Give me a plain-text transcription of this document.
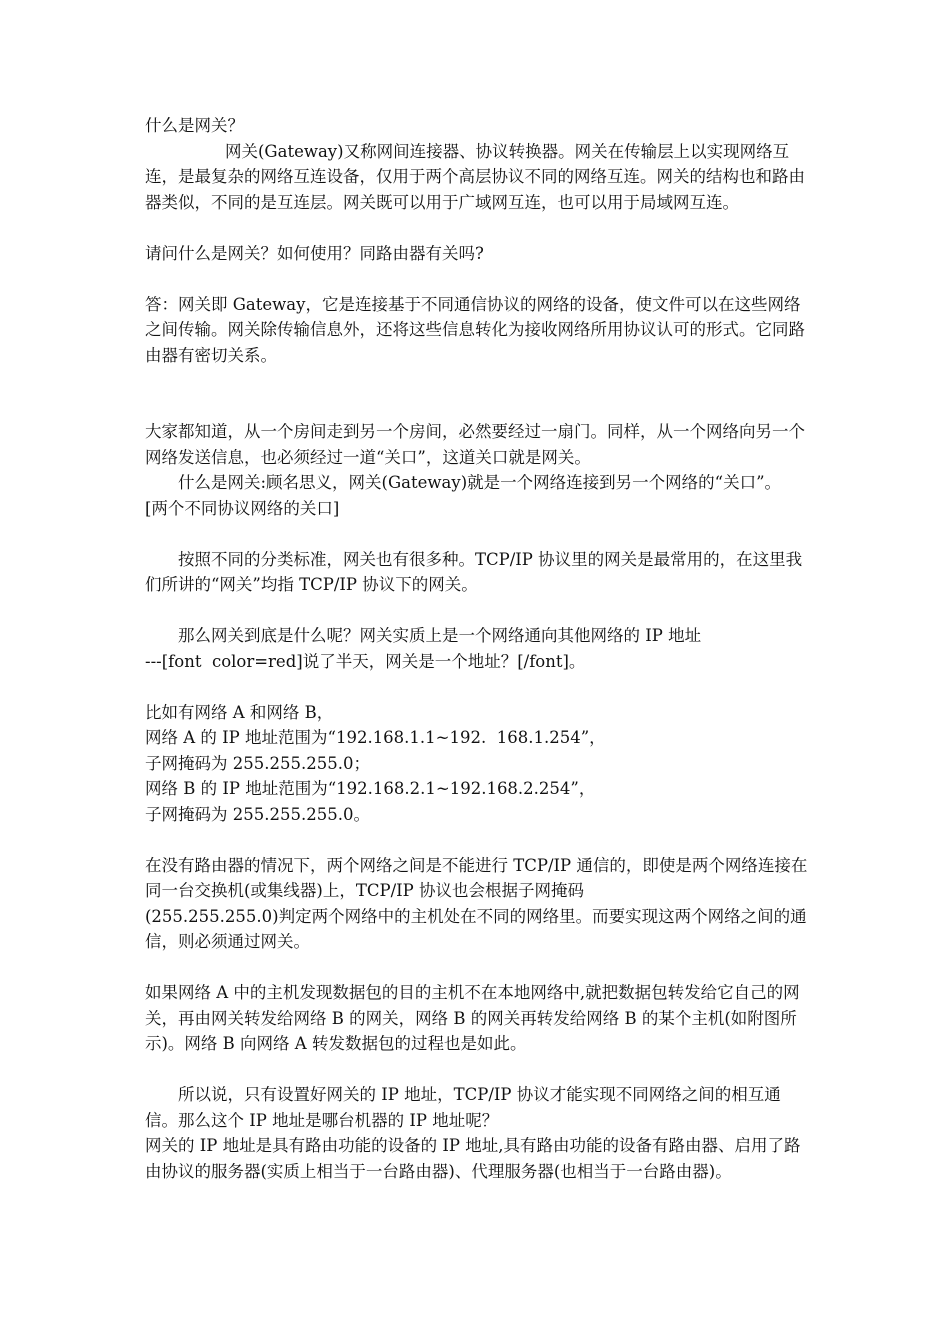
什么是网关？

网关(Gateway)又称网间连接器、协议转换器。网关在传输层上以实现网络互连，是最复杂的网络互连设备，仅用于两个高层协议不同的网络互连。网关的结构也和路由器类似，不同的是互连层。网关既可以用于广域网互连，也可以用于局域网互连。

请问什么是网关？如何使用？同路由器有关吗?

答：网关即 Gateway，它是连接基于不同通信协议的网络的设备，使文件可以在这些网络之间传输。网关除传输信息外，还将这些信息转化为接收网络所用协议认可的形式。它同路由器有密切关系。

大家都知道，从一个房间走到另一个房间，必然要经过一扇门。同样，从一个网络向另一个网络发送信息，也必须经过一道“关口”，这道关口就是网关。

什么是网关:顾名思义，网关(Gateway)就是一个网络连接到另一个网络的“关口”。

[两个不同协议网络的关口]

按照不同的分类标准，网关也有很多种。TCP/IP 协议里的网关是最常用的，在这里我们所讲的“网关”均指 TCP/IP 协议下的网关。

那么网关到底是什么呢？网关实质上是一个网络通向其他网络的 IP 地址

---[font  color=red]说了半天，网关是一个地址？[/font]。

比如有网络 A 和网络 B，

网络 A 的 IP 地址范围为“192.168.1.1~192.  168.1.254”，

子网掩码为 255.255.255.0；

网络 B 的 IP 地址范围为“192.168.2.1~192.168.2.254”，

子网掩码为 255.255.255.0。

在没有路由器的情况下，两个网络之间是不能进行 TCP/IP 通信的，即使是两个网络连接在同一台交换机(或集线器)上，TCP/IP 协议也会根据子网掩码

(255.255.255.0)判定两个网络中的主机处在不同的网络里。而要实现这两个网络之间的通信，则必须通过网关。

如果网络 A 中的主机发现数据包的目的主机不在本地网络中,就把数据包转发给它自己的网关，再由网关转发给网络 B 的网关，网络 B 的网关再转发给网络 B 的某个主机(如附图所示)。网络 B 向网络 A 转发数据包的过程也是如此。

所以说，只有设置好网关的 IP 地址，TCP/IP 协议才能实现不同网络之间的相互通信。那么这个 IP 地址是哪台机器的 IP 地址呢？

网关的 IP 地址是具有路由功能的设备的 IP 地址,具有路由功能的设备有路由器、启用了路由协议的服务器(实质上相当于一台路由器)、代理服务器(也相当于一台路由器)。
